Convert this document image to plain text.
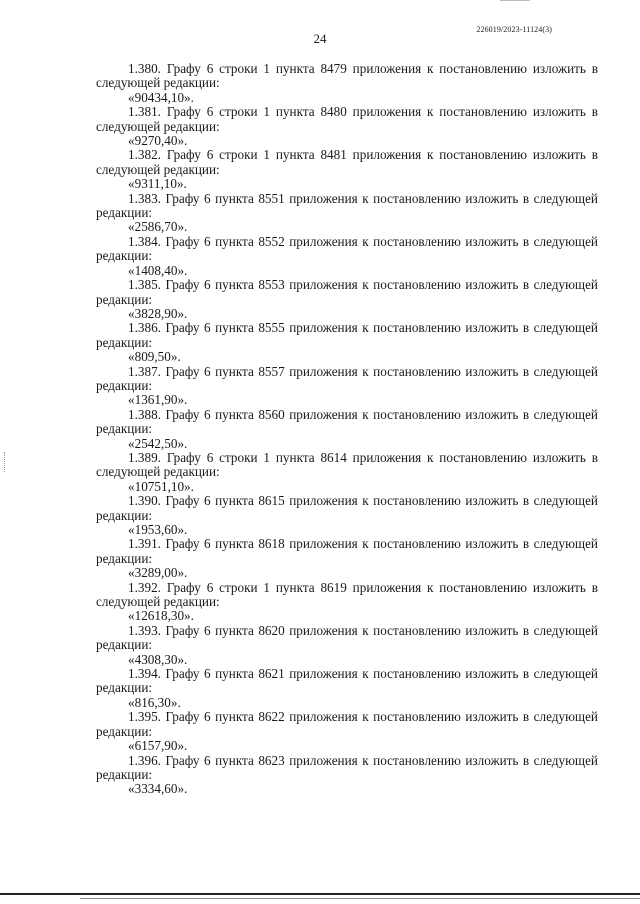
226019/2023-11124(3)
24
1.380. Графу 6 строки 1 пункта 8479 приложения к постановлению изложить в следующей редакции:
«90434,10».
1.381. Графу 6 строки 1 пункта 8480 приложения к постановлению изложить в следующей редакции:
«9270,40».
1.382. Графу 6 строки 1 пункта 8481 приложения к постановлению изложить в следующей редакции:
«9311,10».
1.383. Графу 6 пункта 8551 приложения к постановлению изложить в следующей редакции:
«2586,70».
1.384. Графу 6 пункта 8552 приложения к постановлению изложить в следующей редакции:
«1408,40».
1.385. Графу 6 пункта 8553 приложения к постановлению изложить в следующей редакции:
«3828,90».
1.386. Графу 6 пункта 8555 приложения к постановлению изложить в следующей редакции:
«809,50».
1.387. Графу 6 пункта 8557 приложения к постановлению изложить в следующей редакции:
«1361,90».
1.388. Графу 6 пункта 8560 приложения к постановлению изложить в следующей редакции:
«2542,50».
1.389. Графу 6 строки 1 пункта 8614 приложения к постановлению изложить в следующей редакции:
«10751,10».
1.390. Графу 6 пункта 8615 приложения к постановлению изложить в следующей редакции:
«1953,60».
1.391. Графу 6 пункта 8618 приложения к постановлению изложить в следующей редакции:
«3289,00».
1.392. Графу 6 строки 1 пункта 8619 приложения к постановлению изложить в следующей редакции:
«12618,30».
1.393. Графу 6 пункта 8620 приложения к постановлению изложить в следующей редакции:
«4308,30».
1.394. Графу 6 пункта 8621 приложения к постановлению изложить в следующей редакции:
«816,30».
1.395. Графу 6 пункта 8622 приложения к постановлению изложить в следующей редакции:
«6157,90».
1.396. Графу 6 пункта 8623 приложения к постановлению изложить в следующей редакции:
«3334,60».
